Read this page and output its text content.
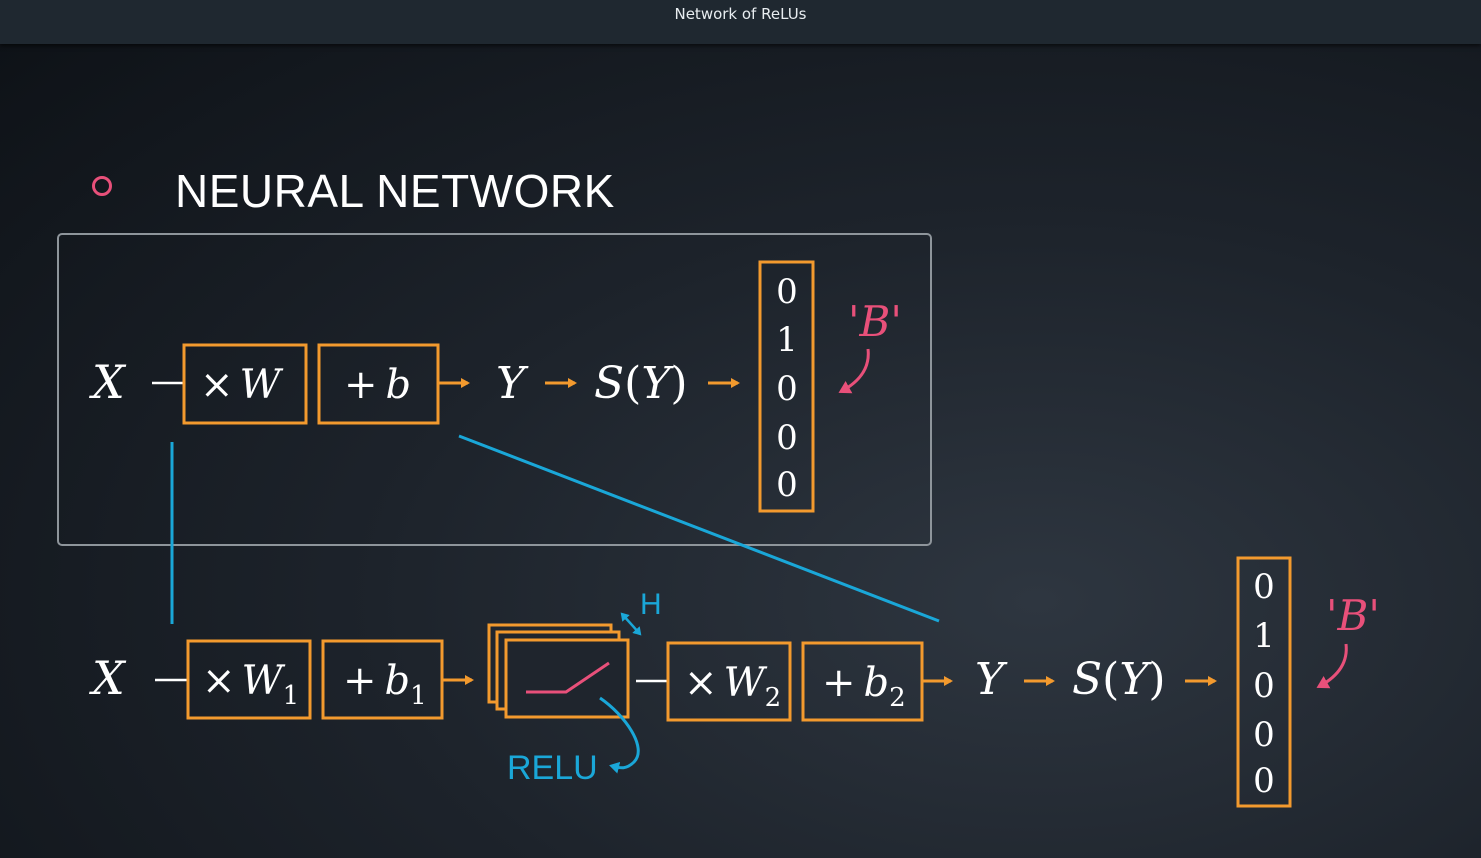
Network of ReLUs
NEURAL NETWORK
X × W + b Y S(Y)
0
1
0
0
0
'B'
$X \times W_1 + b_1$
H
RELU
× $W_2 + b_2$ Y S(Y)
0
1
0
0
0
'B'
